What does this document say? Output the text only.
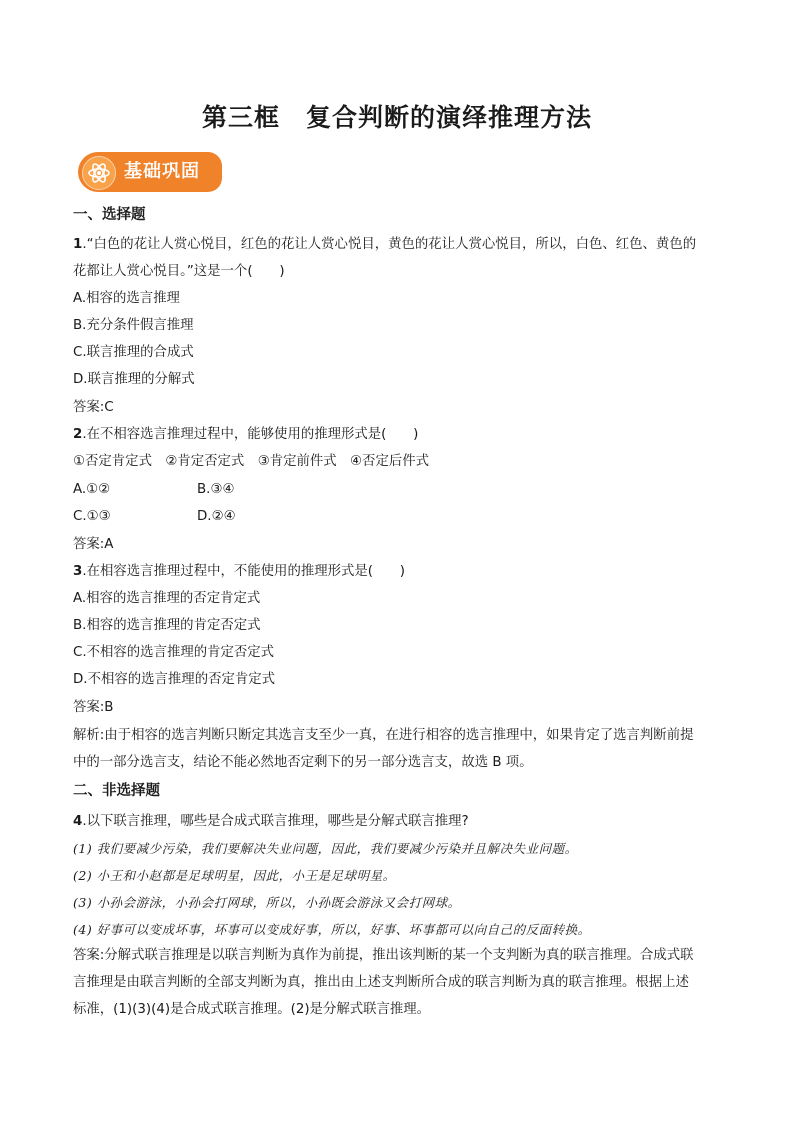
第三框　复合判断的演绎推理方法
基础巩固
一、选择题
1.“白色的花让人赏心悦目，红色的花让人赏心悦目，黄色的花让人赏心悦目，所以，白色、红色、黄色的
花都让人赏心悦目。”这是一个(　　)
A.相容的选言推理
B.充分条件假言推理
C.联言推理的合成式
D.联言推理的分解式
答案:C
2.在不相容选言推理过程中，能够使用的推理形式是(　　)
①否定肯定式　②肯定否定式　③肯定前件式　④否定后件式
A.①②	B.③④
C.①③	D.②④
答案:A
3.在相容选言推理过程中，不能使用的推理形式是(　　)
A.相容的选言推理的否定肯定式
B.相容的选言推理的肯定否定式
C.不相容的选言推理的肯定否定式
D.不相容的选言推理的否定肯定式
答案:B
解析:由于相容的选言判断只断定其选言支至少一真，在进行相容的选言推理中，如果肯定了选言判断前提
中的一部分选言支，结论不能必然地否定剩下的另一部分选言支，故选 B 项。
二、非选择题
4.以下联言推理，哪些是合成式联言推理，哪些是分解式联言推理?
(1) 我们要减少污染，我们要解决失业问题，因此，我们要减少污染并且解决失业问题。
(2) 小王和小赵都是足球明星，因此，小王是足球明星。
(3) 小孙会游泳，小孙会打网球，所以，小孙既会游泳又会打网球。
(4) 好事可以变成坏事，坏事可以变成好事，所以，好事、坏事都可以向自己的反面转换。
答案:分解式联言推理是以联言判断为真作为前提，推出该判断的某一个支判断为真的联言推理。合成式联
言推理是由联言判断的全部支判断为真，推出由上述支判断所合成的联言判断为真的联言推理。根据上述
标准，(1)(3)(4)是合成式联言推理。(2)是分解式联言推理。
